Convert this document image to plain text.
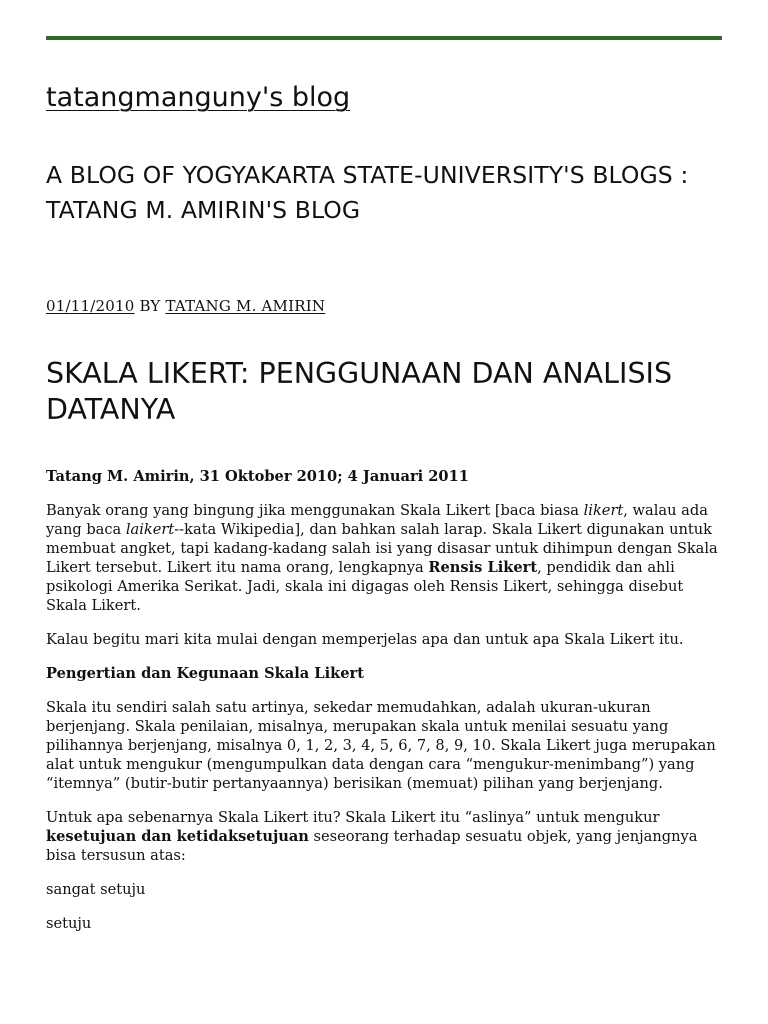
tatangmanguny's blog
A BLOG OF YOGYAKARTA STATE-UNIVERSITY'S BLOGS : TATANG M. AMIRIN'S BLOG
01/11/2010 BY TATANG M. AMIRIN
SKALA LIKERT: PENGGUNAAN DAN ANALISIS DATANYA

Tatang M. Amirin, 31 Oktober 2010; 4 Januari 2011

Banyak orang yang bingung jika menggunakan Skala Likert [baca biasa likert, walau ada yang baca laikert--kata Wikipedia], dan bahkan salah larap. Skala Likert digunakan untuk membuat angket, tapi kadang-kadang salah isi yang disasar untuk dihimpun dengan Skala Likert tersebut. Likert itu nama orang, lengkapnya Rensis Likert, pendidik dan ahli psikologi Amerika Serikat. Jadi, skala ini digagas oleh Rensis Likert, sehingga disebut Skala Likert.

Kalau begitu mari kita mulai dengan memperjelas apa dan untuk apa Skala Likert itu.

Pengertian dan Kegunaan Skala Likert

Skala itu sendiri salah satu artinya, sekedar memudahkan, adalah ukuran-ukuran berjenjang. Skala penilaian, misalnya, merupakan skala untuk menilai sesuatu yang pilihannya berjenjang, misalnya 0, 1, 2, 3, 4, 5, 6, 7, 8, 9, 10. Skala Likert juga merupakan alat untuk mengukur (mengumpulkan data dengan cara “mengukur-menimbang”) yang “itemnya” (butir-butir pertanyaannya) berisikan (memuat) pilihan yang berjenjang.

Untuk apa sebenarnya Skala Likert itu? Skala Likert itu “aslinya” untuk mengukur kesetujuan dan ketidaksetujuan seseorang terhadap sesuatu objek, yang jenjangnya bisa tersusun atas:

sangat setuju

setuju
